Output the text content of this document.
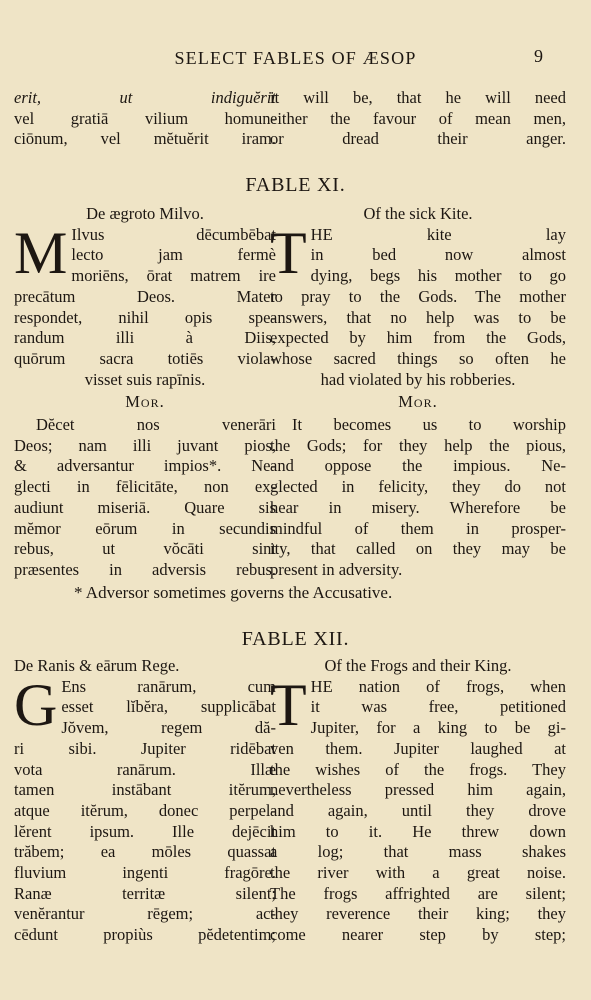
SELECT FABLES OF ÆSOP	9

erit, ut indiguĕrit

vel gratiā vilium homun-

ciōnum, vel mĕtuĕrit iram.

it will be, that he will need

either the favour of mean men,

or dread their anger.

FABLE XI.

De ægroto Milvo.

M Ilvus dēcumbēbat

lecto jam fermè

moriēns, ōrat matrem ire

precātum Deos. Mater

respondet, nihil opis spe-

randum illi à Diis,

quōrum sacra totiēs viola-

visset suis rapīnis.

Mor.

Dĕcet nos venerāri

Deos; nam illi juvant pios,

& adversantur impios*. Ne-

glecti in fēlicitāte, non ex-

audiunt miseriā. Quare sis

mĕmor eōrum in secundis

rebus, ut vŏcāti sint

præsentes in adversis rebus.

Of the sick Kite.

T HE kite lay

in bed now almost

dying, begs his mother to go

to pray to the Gods. The mother

answers, that no help was to be

expected by him from the Gods,

whose sacred things so often he

had violated by his robberies.

Mor.

It becomes us to worship

the Gods; for they help the pious,

and oppose the impious. Ne-

glected in felicity, they do not

hear in misery. Wherefore be

mindful of them in prosper-

ity, that called on they may be

present in adversity.

* Adversor sometimes governs the Accusative.
FABLE XII.

De Ranis & eārum Rege.

G Ens ranārum, cum

esset lĭbĕra, supplicābat

Jŏvem, regem dă-

ri sibi. Jupiter ridēbat

vota ranārum. Illæ

tamen instābant itĕrum,

atque itĕrum, donec perpel-

lĕrent ipsum. Ille dejēcit

trăbem; ea mōles quassat

fluvium ingenti fragōre.

Ranæ territæ silent;

venĕrantur rēgem; ac-

cēdunt propiùs pĕdetentim;

Of the Frogs and their King.

T HE nation of frogs, when

it was free, petitioned

Jupiter, for a king to be gi-

ven them. Jupiter laughed at

the wishes of the frogs. They

nevertheless pressed him again,

and again, until they drove

him to it. He threw down

a log; that mass shakes

the river with a great noise.

The frogs affrighted are silent;

they reverence their king; they

come nearer step by step;
